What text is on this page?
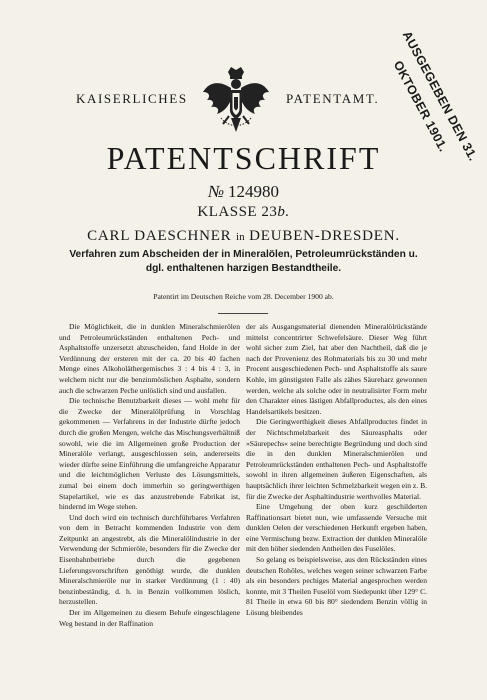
KAISERLICHES	PATENTAMT.	AUSGEGEBEN DEN 31. OKTOBER 1901.
PATENTSCHRIFT
№ 124980
KLASSE 23b.
CARL DAESCHNER in DEUBEN-DRESDEN.
Verfahren zum Abscheiden der in Mineralölen, Petroleumrückständen u. dgl. enthaltenen harzigen Bestandtheile.
Patentirt im Deutschen Reiche vom 28. December 1900 ab.

Die Möglichkeit, die in dunklen Mineralschmierölen und Petroleumrückständen enthaltenen Pech- und Asphaltstoffe unzersetzt abzuscheiden, fand Holde in der Verdünnung der ersteren mit der ca. 20 bis 40 fachen Menge eines Alkoholäthergemisches 3 : 4 bis 4 : 3, in welchem nicht nur die benzinmöslichen Asphalte, sondern auch die schwarzen Peche unlöslich sind und ausfallen.

Die technische Benutzbarkeit dieses — wohl mehr für die Zwecke der Mineralölprüfung in Vorschlag gekommenen — Verfahrens in der Industrie dürfte jedoch durch die großen Mengen, welche das Mischungsverhältniß sowohl, wie die im Allgemeinen große Production der Mineralöle verlangt, ausgeschlossen sein, andererseits wieder dürfte seine Einführung die umfangreiche Apparatur und die leichtmöglichen Verluste des Lösungsmittels, zumal bei einem doch immerhin so geringwerthigen Stapelartikel, wie es das anzustrebende Fabrikat ist, hindernd im Wege stehen.

Und doch wird ein technisch durchführbares Verfahren von dem in Betracht kommenden Industrie von dem Zeitpunkt an angestrebt, als die Mineralölindustrie in der Verwendung der Schmieröle, besonders für die Zwecke der Eisenbahnbetriebe durch die gegebenen Lieferungsvorschriften genöthigt wurde, die dunklen Mineralschmieröle nur in starker Verdünnung (1 : 40) benzinbeständig, d. h. in Benzin vollkommen löslich, herzustellen.

Der im Allgemeinen zu diesem Behufe eingeschlagene Weg bestand in der Raffination

der als Ausgangsmaterial dienenden Mineralölrückstände mittelst concentrirter Schwefelsäure. Dieser Weg führt wohl sicher zum Ziel, hat aber den Nachtheil, daß die je nach der Provenienz des Rohmaterials bis zu 30 und mehr Procent ausgeschiedenen Pech- und Asphaltstoffe als saure Kohle, im günstigsten Falle als zähes Säureharz gewonnen werden, welche als solche oder in neutralisirter Form mehr den Charakter eines lästigen Abfallproductes, als den eines Handelsartikels besitzen.

Die Geringwerthigkeit dieses Abfallproductes findet in der Nichtschmelzbarkeit des Säureasphalts oder »Säurepechs« seine berechtigte Begründung und doch sind die in den dunklen Mineralschmierölen und Petroleumrückständen enthaltenen Pech- und Asphaltstoffe sowohl in ihren allgemeinen äußeren Eigenschaften, als hauptsächlich ihrer leichten Schmelzbarkeit wegen ein z. B. für die Zwecke der Asphaltindustrie werthvolles Material.

Eine Umgehung der oben kurz geschilderten Raffinationsart bietet nun, wie umfassende Versuche mit dunklen Oelen der verschiedenen Herkunft ergeben haben, eine Vermischung bezw. Extraction der dunklen Mineralöle mit den höher siedenden Antheilen des Fuselöles.

So gelang es beispielsweise, aus den Rückständen eines deutschen Rohöles, welches wegen seiner schwarzen Farbe als ein besonders pechiges Material angesprochen werden konnte, mit 3 Theilen Fuselöl vom Siedepunkt über 129° C. 81 Theile in etwa 60 bis 80° siedendem Benzin völlig in Lösung bleibendes
